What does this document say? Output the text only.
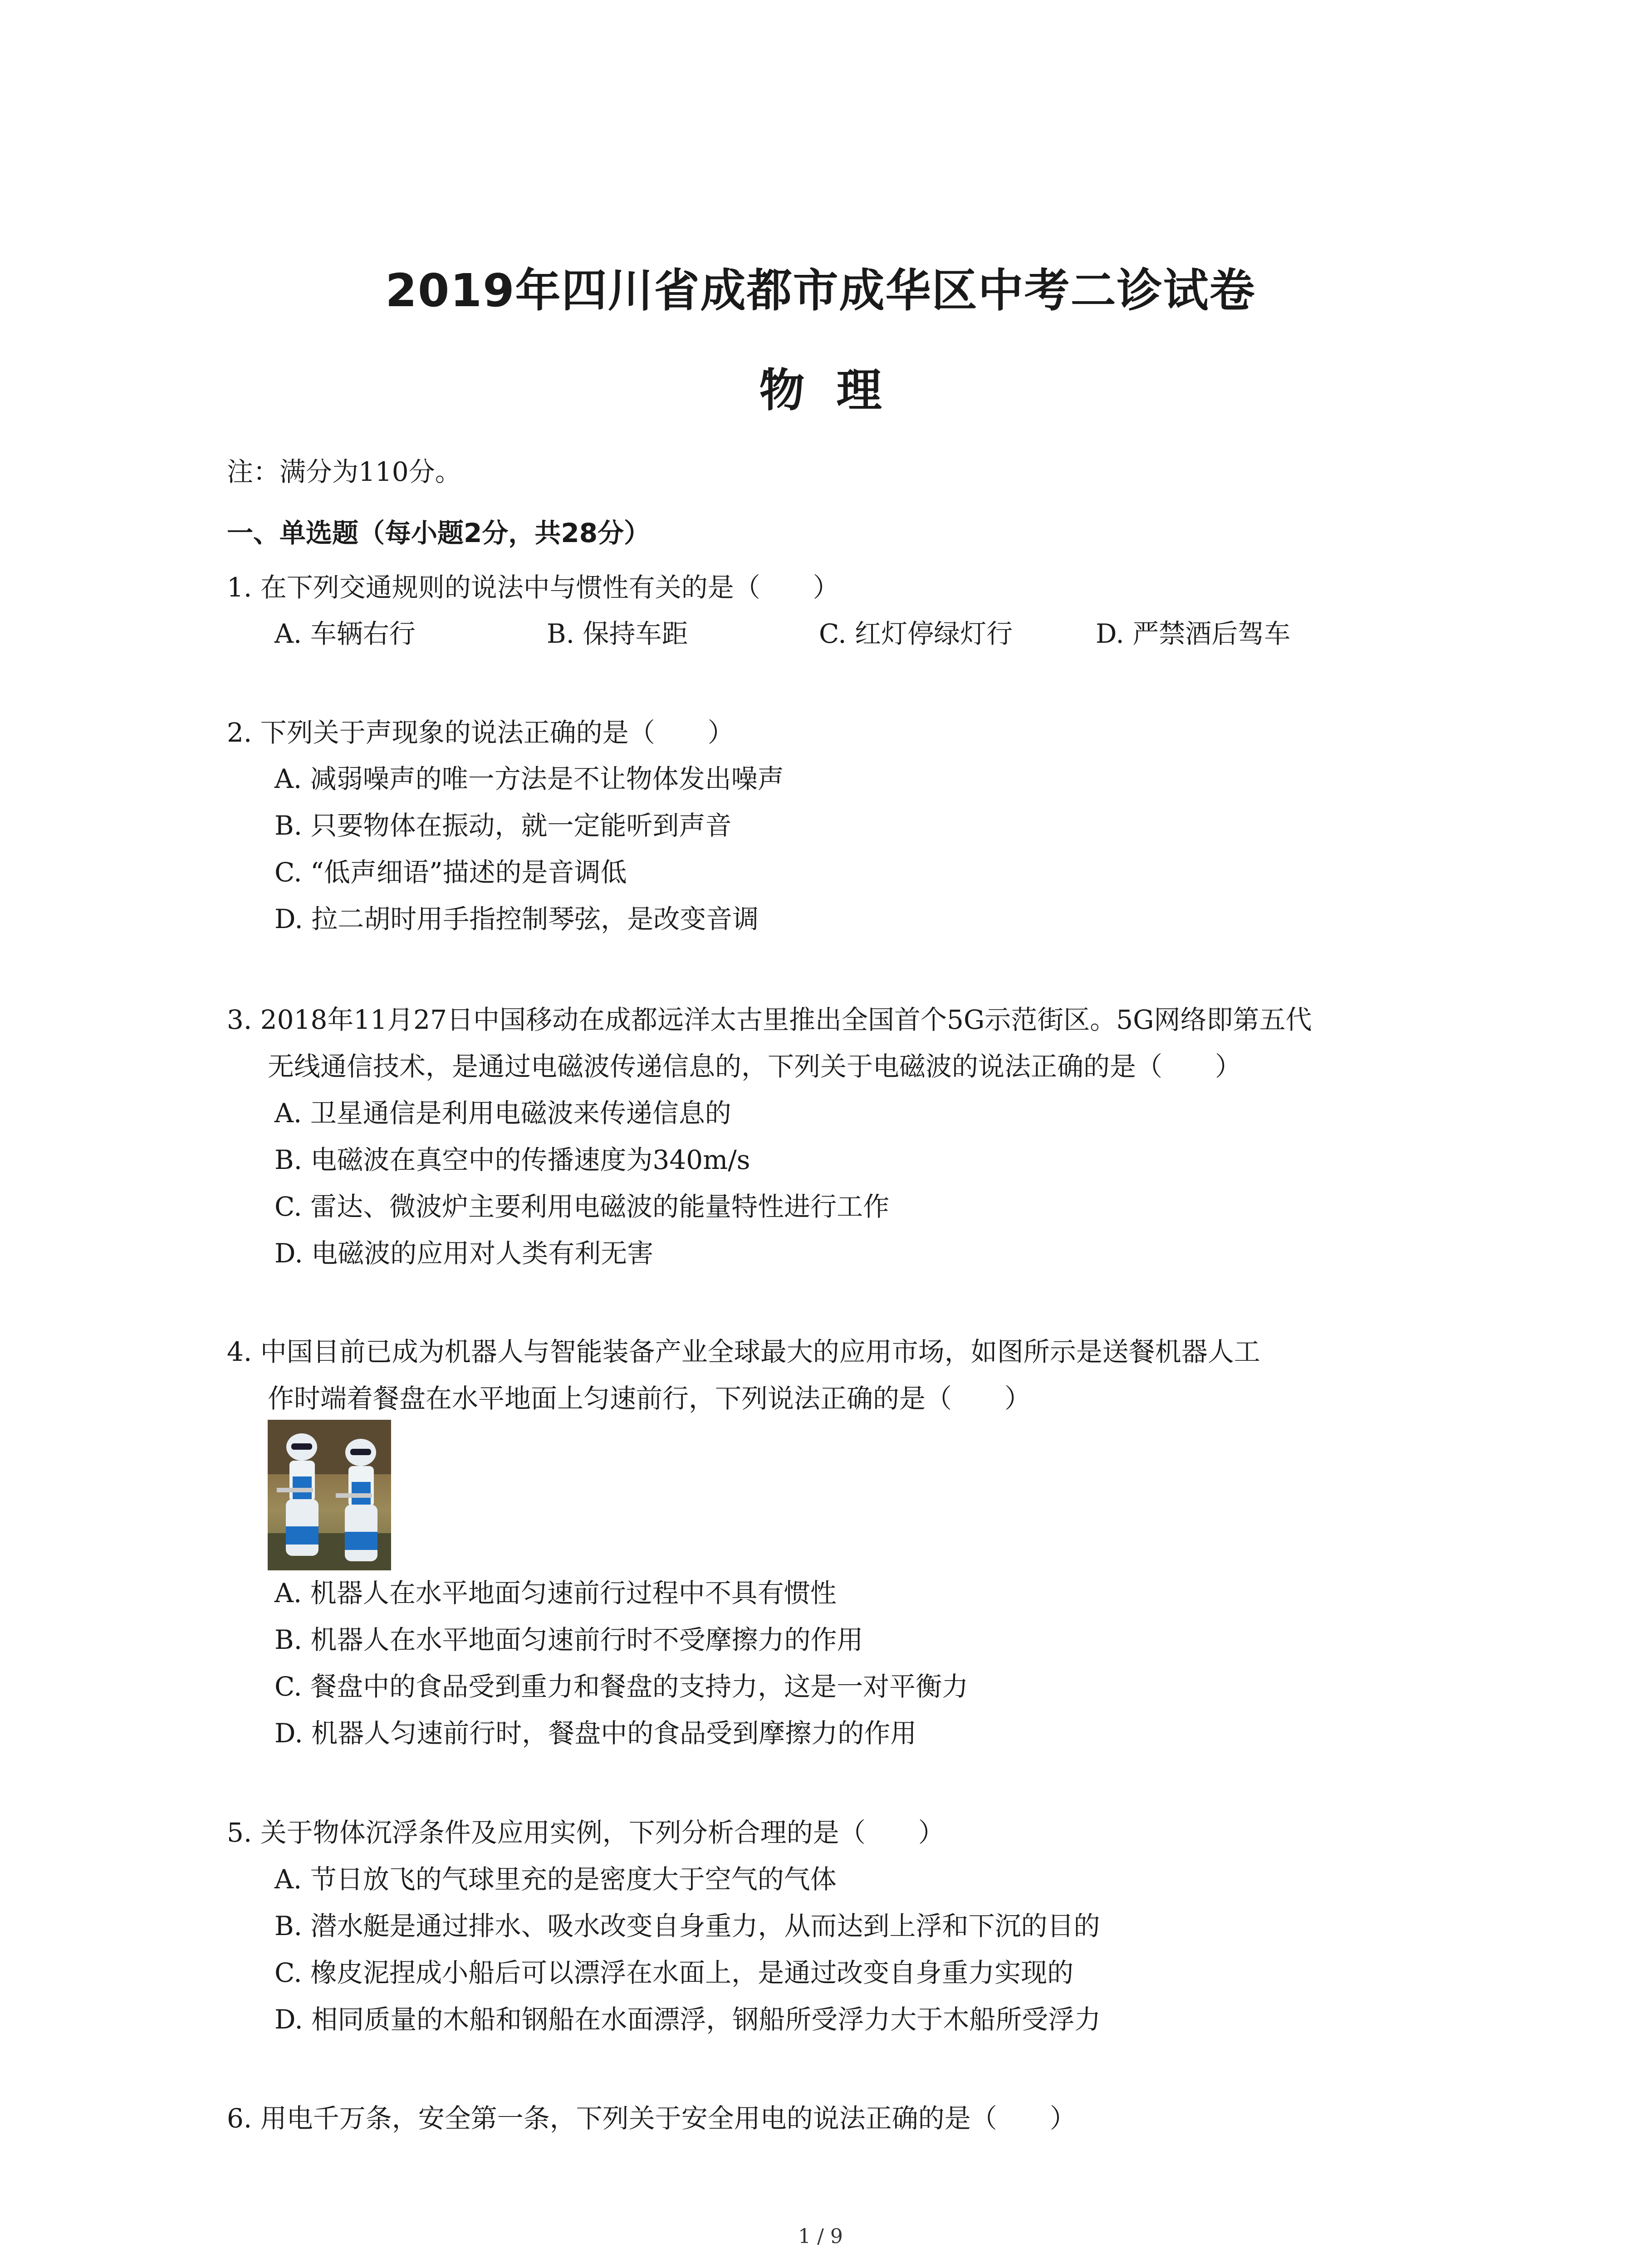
2019年四川省成都市成华区中考二诊试卷
物理
注：满分为110分。
一、单选题（每小题2分，共28分）
1. 在下列交通规则的说法中与惯性有关的是（　　）
A. 车辆右行	B. 保持车距	C. 红灯停绿灯行	D. 严禁酒后驾车
2. 下列关于声现象的说法正确的是（　　）
A. 减弱噪声的唯一方法是不让物体发出噪声
B. 只要物体在振动，就一定能听到声音
C. “低声细语”描述的是音调低
D. 拉二胡时用手指控制琴弦，是改变音调
3. 2018年11月27日中国移动在成都远洋太古里推出全国首个5G示范街区。5G网络即第五代
无线通信技术，是通过电磁波传递信息的，下列关于电磁波的说法正确的是（　　）
A. 卫星通信是利用电磁波来传递信息的
B. 电磁波在真空中的传播速度为340m/s
C. 雷达、微波炉主要利用电磁波的能量特性进行工作
D. 电磁波的应用对人类有利无害
4. 中国目前已成为机器人与智能装备产业全球最大的应用市场，如图所示是送餐机器人工
作时端着餐盘在水平地面上匀速前行，下列说法正确的是（　　）
A. 机器人在水平地面匀速前行过程中不具有惯性
B. 机器人在水平地面匀速前行时不受摩擦力的作用
C. 餐盘中的食品受到重力和餐盘的支持力，这是一对平衡力
D. 机器人匀速前行时，餐盘中的食品受到摩擦力的作用
5. 关于物体沉浮条件及应用实例，下列分析合理的是（　　）
A. 节日放飞的气球里充的是密度大于空气的气体
B. 潜水艇是通过排水、吸水改变自身重力，从而达到上浮和下沉的目的
C. 橡皮泥捏成小船后可以漂浮在水面上，是通过改变自身重力实现的
D. 相同质量的木船和钢船在水面漂浮，钢船所受浮力大于木船所受浮力
6. 用电千万条，安全第一条，下列关于安全用电的说法正确的是（　　）
1 / 9
